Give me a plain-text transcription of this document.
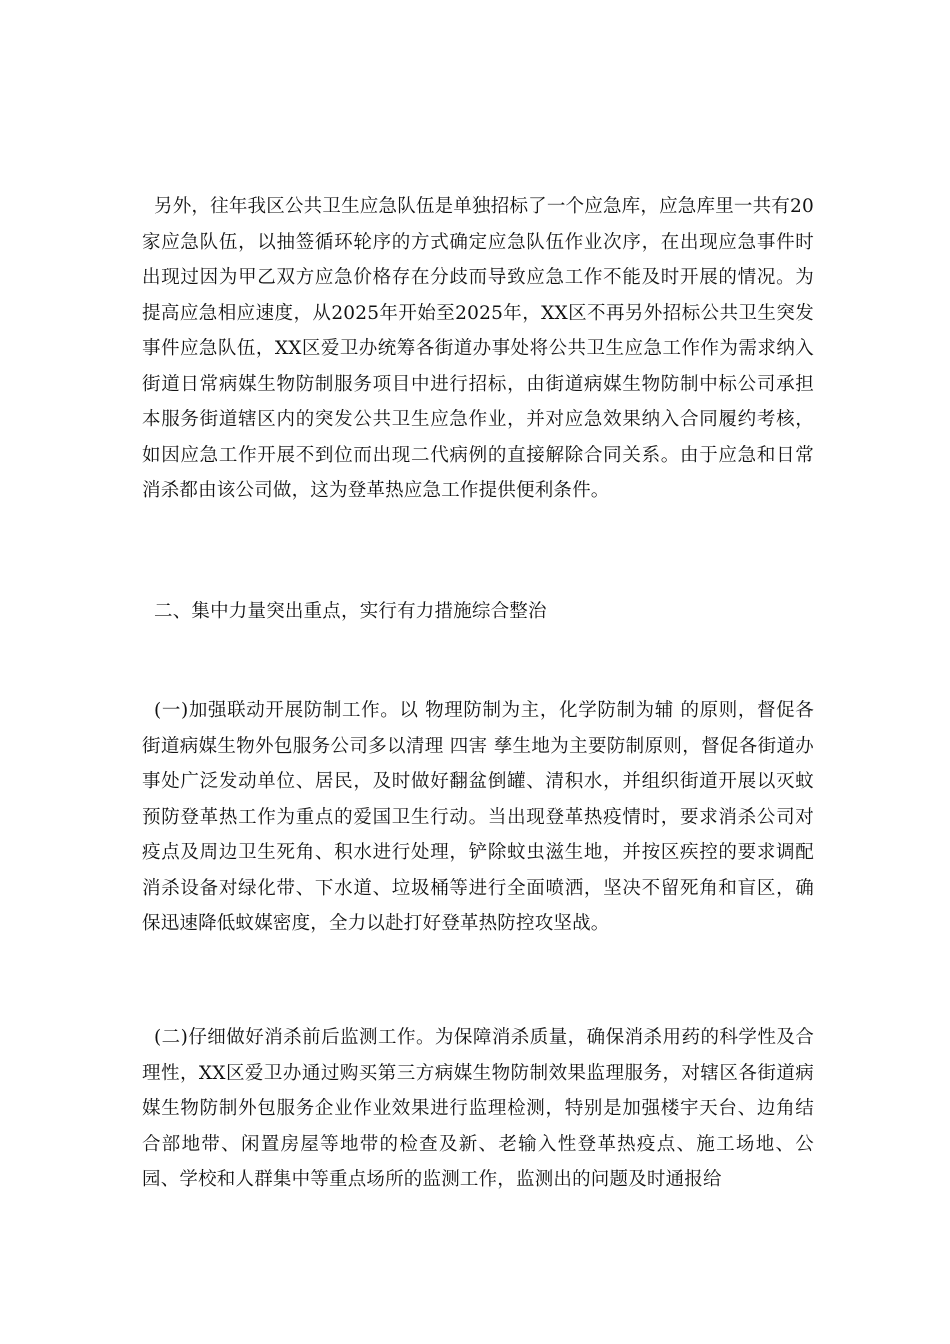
另外，往年我区公共卫生应急队伍是单独招标了一个应急库，应急库里一共有20家应急队伍，以抽签循环轮序的方式确定应急队伍作业次序，在出现应急事件时出现过因为甲乙双方应急价格存在分歧而导致应急工作不能及时开展的情况。为提高应急相应速度，从2025年开始至2025年，XX区不再另外招标公共卫生突发事件应急队伍，XX区爱卫办统筹各街道办事处将公共卫生应急工作作为需求纳入街道日常病媒生物防制服务项目中进行招标，由街道病媒生物防制中标公司承担本服务街道辖区内的突发公共卫生应急作业，并对应急效果纳入合同履约考核，如因应急工作开展不到位而出现二代病例的直接解除合同关系。由于应急和日常消杀都由该公司做，这为登革热应急工作提供便利条件。

二、集中力量突出重点，实行有力措施综合整治

(一)加强联动开展防制工作。以 物理防制为主，化学防制为辅 的原则，督促各街道病媒生物外包服务公司多以清理 四害 孳生地为主要防制原则，督促各街道办事处广泛发动单位、居民，及时做好翻盆倒罐、清积水，并组织街道开展以灭蚊预防登革热工作为重点的爱国卫生行动。当出现登革热疫情时，要求消杀公司对疫点及周边卫生死角、积水进行处理，铲除蚊虫滋生地，并按区疾控的要求调配消杀设备对绿化带、下水道、垃圾桶等进行全面喷洒，坚决不留死角和盲区，确保迅速降低蚊媒密度，全力以赴打好登革热防控攻坚战。

(二)仔细做好消杀前后监测工作。为保障消杀质量，确保消杀用药的科学性及合理性，XX区爱卫办通过购买第三方病媒生物防制效果监理服务，对辖区各街道病媒生物防制外包服务企业作业效果进行监理检测，特别是加强楼宇天台、边角结合部地带、闲置房屋等地带的检查及新、老输入性登革热疫点、施工场地、公园、学校和人群集中等重点场所的监测工作，监测出的问题及时通报给
